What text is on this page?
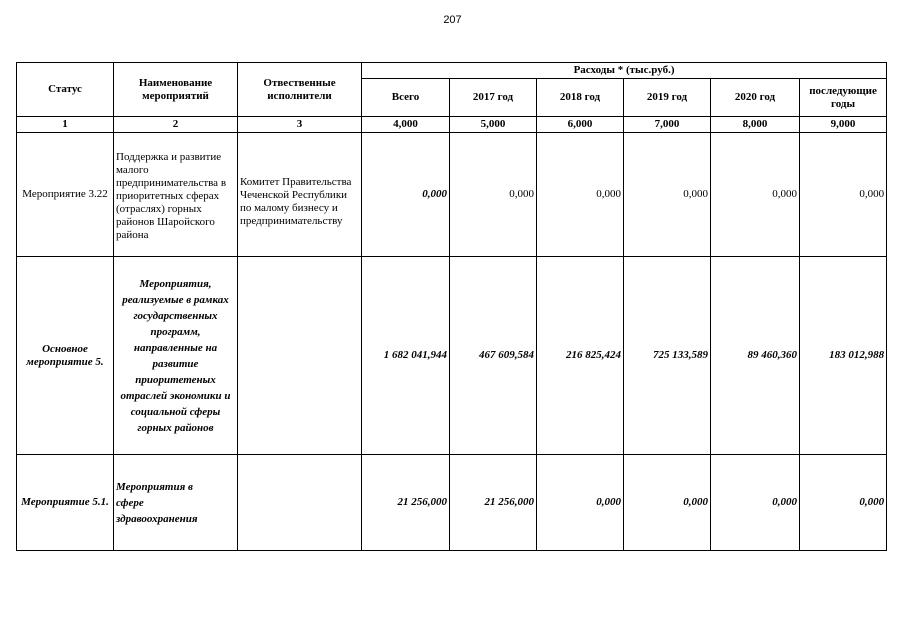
207
Статус	Наименование мероприятий	Отвественные исполнители	Расходы * (тыс.руб.)					
			Всего	2017 год	2018 год	2019 год	2020 год	последующие годы

1	2	3	4,000	5,000	6,000	7,000	8,000	9,000
Мероприятие 3.22	Поддержка и развитие малого предпринимательства в приоритетных сферах (отраслях) горных районов Шаройского района	Комитет Правительства Чеченской Республики по малому бизнесу и предпринимательству	0,000	0,000	0,000	0,000	0,000	0,000
Основное мероприятие 5.	Мероприятия, реализуемые в рамках государственных программ, направленные на развитие приоритетеных отраслей экономики и социальной сферы горных районов		1 682 041,944	467 609,584	216 825,424	725 133,589	89 460,360	183 012,988
Мероприятие 5.1.	Мероприятия в сфере здравоохранения		21 256,000	21 256,000	0,000	0,000	0,000	0,000
